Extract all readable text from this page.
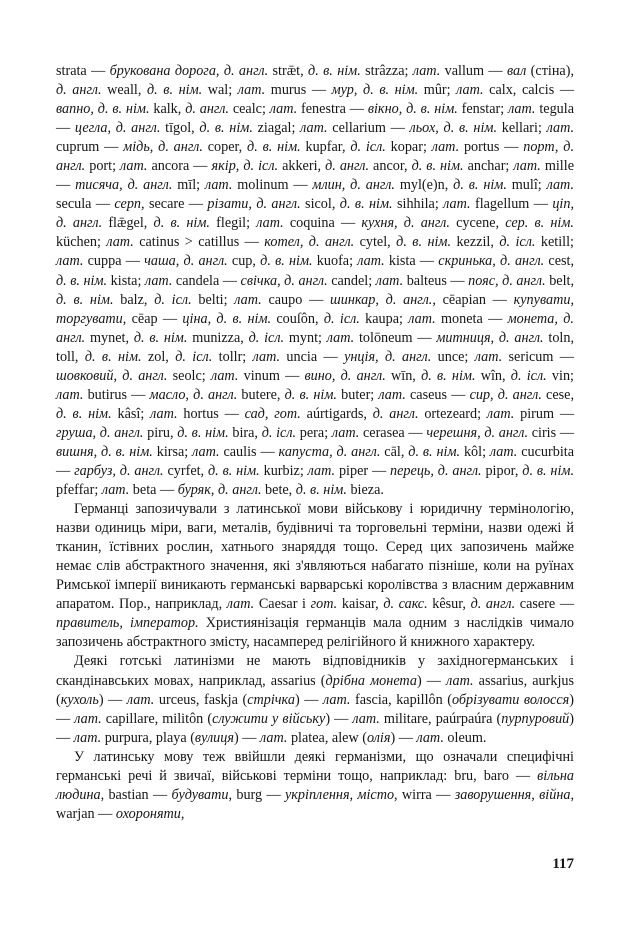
strata — брукована дорога, д. англ. strǣt, д. в. нім. strâzza; лат. vallum — вал (стіна), д. англ. weall, д. в. нім. wal; лат. murus — мур, д. в. нім. mûr; лат. calx, calcis — вапно, д. в. нім. kalk, д. англ. cealc; лат. fenestra — вікно, д. в. нім. fenstar; лат. tegula — цегла, д. англ. tīgol, д. в. нім. ziagal; лат. cellarium — льох, д. в. нім. kellari; лат. cuprum — мідь, д. англ. coper, д. в. нім. kupfar, д. ісл. kopar; лат. portus — порт, д. англ. port; лат. ancora — якір, д. ісл. akkeri, д. англ. ancor, д. в. нім. anchar; лат. mille — тисяча, д. англ. mīl; лат. molinum — млин, д. англ. myl(e)n, д. в. нім. mulî; лат. secula — серп, secare — різати, д. англ. sicol, д. в. нім. sihhila; лат. flagellum — ціп, д. англ. flǣgel, д. в. нім. flegil; лат. coquina — кухня, д. англ. cycene, сер. в. нім. küchen; лат. catinus > catillus — котел, д. англ. cytel, д. в. нім. kezzil, д. ісл. ketill; лат. cuppa — чаша, д. англ. cup, д. в. нім. kuofa; лат. kista — скринька, д. англ. cest, д. в. нім. kista; лат. candela — свічка, д. англ. candel; лат. balteus — пояс, д. англ. belt, д. в. нім. balz, д. ісл. belti; лат. caupo — шинкар, д. англ., cēapian — купувати, торгувати, cēap — ціна, д. в. нім. couſôn, д. ісл. kaupa; лат. moneta — монета, д. англ. mynet, д. в. нім. munizza, д. ісл. mynt; лат. tolōneum — митниця, д. англ. toln, toll, д. в. нім. zol, д. ісл. tollr; лат. uncia — унція, д. англ. unce; лат. sericum — шовковий, д. англ. seolc; лат. vinum — вино, д. англ. wīn, д. в. нім. wîn, д. ісл. vin; лат. butirus — масло, д. англ. butere, д. в. нім. buter; лат. caseus — сир, д. англ. cese, д. в. нім. kâsî; лат. hortus — сад, гот. aúrtigards, д. англ. ortezeard; лат. pirum — груша, д. англ. piru, д. в. нім. bira, д. ісл. pera; лат. cerasea — черешня, д. англ. ciris — вишня, д. в. нім. kirsa; лат. caulis — капуста, д. англ. cāl, д. в. нім. kôl; лат. cucurbita — гарбуз, д. англ. cyrfet, д. в. нім. kurbiz; лат. piper — перець, д. англ. pipor, д. в. нім. pfeffar; лат. beta — буряк, д. англ. bete, д. в. нім. bieza.

Германці запозичували з латинської мови військову і юридичну термінологію, назви одиниць міри, ваги, металів, будівничі та торговельні терміни, назви одежі й тканин, їстівних рослин, хатнього знаряддя тощо. Серед цих запозичень майже немає слів абстрактного значення, які з'являються набагато пізніше, коли на руїнах Римської імперії виникають германські варварські королівства з власним державним апаратом. Пор., наприклад, лат. Caesar і гот. kaisar, д. сакс. kêsur, д. англ. casere — правитель, імператор. Християнізація германців мала одним з наслідків чимало запозичень абстрактного змісту, насамперед релігійного й книжного характеру.

Деякі готські латинізми не мають відповідників у західногерманських і скандінавських мовах, наприклад, assarius (дрібна монета) — лат. assarius, aurkjus (кухоль) — лат. urceus, faskja (стрічка) — лат. fascia, kapillôn (обрізувати волосся) — лат. capillare, militôn (служити у війську) — лат. militare, paúrpaúra (пурпуровий) — лат. purpura, playa (вулиця) — лат. platea, alew (олія) — лат. oleum.

У латинську мову теж ввійшли деякі германізми, що означали специфічні германські речі й звичаї, військові терміни тощо, наприклад: bru, baro — вільна людина, bastian — будувати, burg — укріплення, місто, wirra — заворушення, війна, warjan — охороняти,

117
